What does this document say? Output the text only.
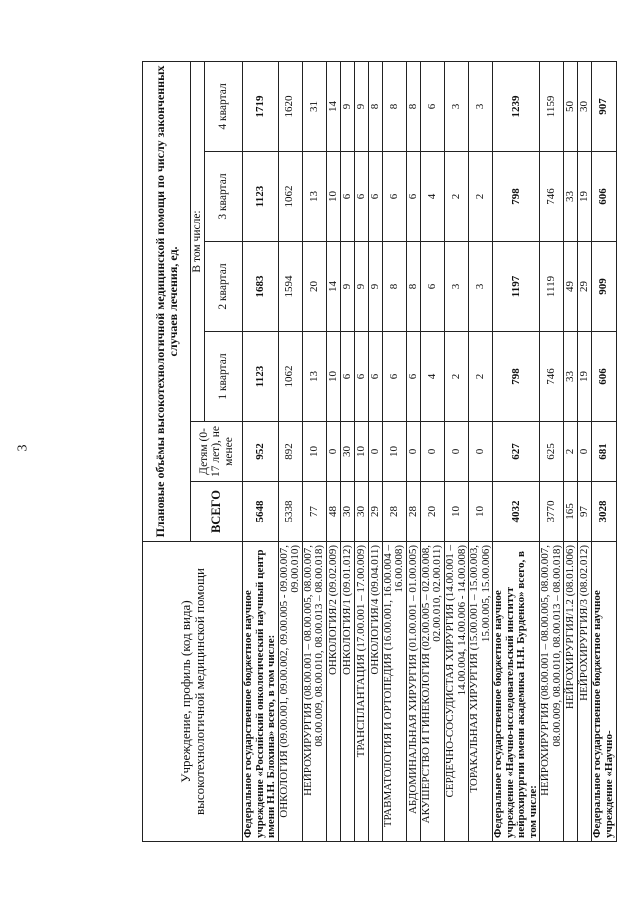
3
Учреждение, профиль (код вида) высокотехнологичной медицинской помощи	Плановые объёмы высокотехнологичной медицинской помощи по числу законченных случаев лечения, ед.					
	ВСЕГО	Детям (0-17 лет), не менее	В том числе:			
			1 квартал	2 квартал	3 квартал	4 квартал
Федеральное государственное бюджетное научное учреждение «Российский онкологический научный центр имени Н.Н. Блохина» всего, в том числе:	5648	952	1123	1683	1123	1719
ОНКОЛОГИЯ (09.00.001, 09.00.002, 09.00.005 - 09.00.007, 09.00.010)	5338	892	1062	1594	1062	1620
НЕЙРОХИРУРГИЯ (08.00.001 – 08.00.005, 08.00.007, 08.00.009, 08.00.010, 08.00.013 – 08.00.018)	77	10	13	20	13	31
ОНКОЛОГИЯ/2 (09.02.009)	48	0	10	14	10	14
ОНКОЛОГИЯ/1 (09.01.012)	30	30	6	9	6	9
ТРАНСПЛАНТАЦИЯ (17.00.001 – 17.00.009)	30	10	6	9	6	9
ОНКОЛОГИЯ/4 (09.04.011)	29	0	6	9	6	8
ТРАВМАТОЛОГИЯ И ОРТОПЕДИЯ (16.00.001, 16.00.004 – 16.00.008)	28	10	6	8	6	8
АБДОМИНАЛЬНАЯ ХИРУРГИЯ (01.00.001 – 01.00.005)	28	0	6	8	6	8
АКУШЕРСТВО И ГИНЕКОЛОГИЯ (02.00.005 – 02.00.008, 02.00.010, 02.00.011)	20	0	4	6	4	6
СЕРДЕЧНО-СОСУДИСТАЯ ХИРУРГИЯ (14.00.001 – 14.00.004, 14.00.006 - 14.00.008)	10	0	2	3	2	3
ТОРАКАЛЬНАЯ ХИРУРГИЯ (15.00.001 – 15.00.003, 15.00.005, 15.00.006)	10	0	2	3	2	3
Федеральное государственное бюджетное научное учреждение «Научно-исследовательский институт нейрохирургии имени академика Н.Н. Бурденко» всего, в том числе:	4032	627	798	1197	798	1239
НЕЙРОХИРУРГИЯ (08.00.001 – 08.00.005, 08.00.007, 08.00.009, 08.00.010, 08.00.013 – 08.00.018)	3770	625	746	1119	746	1159
НЕЙРОХИРУРГИЯ/1.2 (08.01.006)	165	2	33	49	33	50
НЕЙРОХИРУРГИЯ/3 (08.02.012)	97	0	19	29	19	30
Федеральное государственное бюджетное научное учреждение «Научно-	3028	681	606	909	606	907
